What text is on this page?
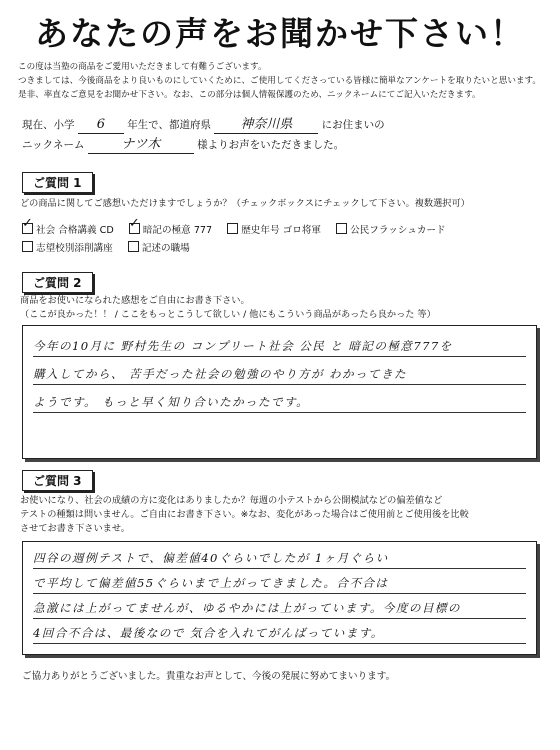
あなたの声をお聞かせ下さい！
この度は当塾の商品をご愛用いただきまして有難うございます。
つきましては、今後商品をより良いものにしていくために、ご使用してくださっている皆様に簡単なアンケートを取りたいと思います。
是非、率直なご意見をお聞かせ下さい。なお、この部分は個人情報保護のため、ニックネームにてご記入いただきます。
現在、小学 6 年生で、都道府県 神奈川県	にお住まいの
ニックネーム	ナツ木	様よりお声をいただきました。
ご質問 1
どの商品に関してご感想いただけますでしょうか？（チェックボックスにチェックして下さい。複数選択可）
✓ 社会 合格講義 CD ✓ 暗記の極意 777	歴史年号 ゴロ将軍	公民フラッシュカード
志望校別添削講座	記述の職場
ご質問 2
商品をお使いになられた感想をご自由にお書き下さい。
（ここが良かった！！ / ここをもっとこうして欲しい / 他にもこういう商品があったら良かった 等）
今年の10月に 野村先生の コンプリート社会 公民 と 暗記の極意777を
購入してから、 苦手だった社会の勉強のやり方が わかってきた
ようです。 もっと早く知り合いたかったです。
ご質問 3
お使いになり、社会の成績の方に変化はありましたか？毎週の小テストから公開模試などの偏差値など
テストの種類は問いません。ご自由にお書き下さい。※なお、変化があった場合はご使用前とご使用後を比較
させてお書き下さいませ。
四谷の週例テストで、偏差値40ぐらいでしたが 1ヶ月ぐらい
で平均して偏差値55ぐらいまで上がってきました。合不合は
急激には上がってませんが、ゆるやかには上がっています。今度の目標の
4回合不合は、最後なので 気合を入れてがんばっています。
ご協力ありがとうございました。貴重なお声として、今後の発展に努めてまいります。
